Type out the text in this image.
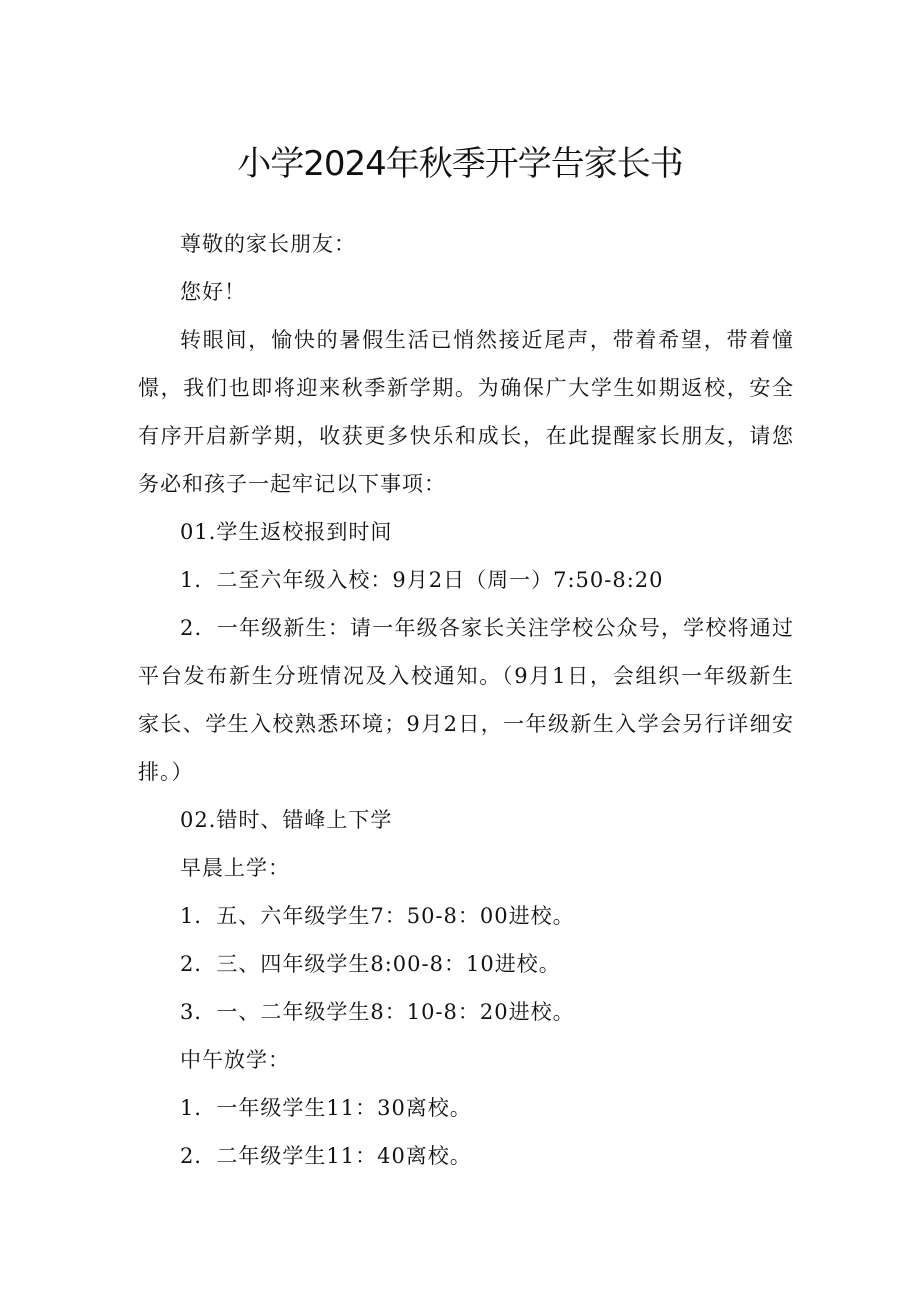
小学2024年秋季开学告家长书

尊敬的家长朋友：

您好！

转眼间，愉快的暑假生活已悄然接近尾声，带着希望，带着憧憬，我们也即将迎来秋季新学期。为确保广大学生如期返校，安全有序开启新学期，收获更多快乐和成长，在此提醒家长朋友，请您务必和孩子一起牢记以下事项：

01.学生返校报到时间

1．二至六年级入校：9月2日（周一）7:50-8:20

2．一年级新生：请一年级各家长关注学校公众号，学校将通过平台发布新生分班情况及入校通知。（9月1日，会组织一年级新生家长、学生入校熟悉环境；9月2日，一年级新生入学会另行详细安排。）

02.错时、错峰上下学

早晨上学：

1．五、六年级学生7：50-8：00进校。

2．三、四年级学生8:00-8：10进校。

3．一、二年级学生8：10-8：20进校。

中午放学：

1．一年级学生11：30离校。

2．二年级学生11：40离校。
